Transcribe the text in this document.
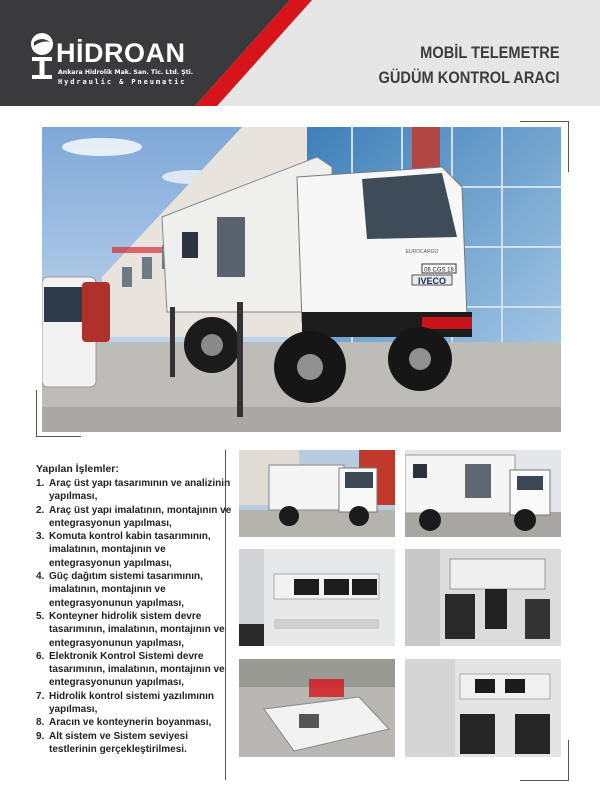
HİDROAN
Ankara Hidrolik Mak. San. Tic. Ltd. Şti.
Hydraulic & Pneumatic
MOBİL TELEMETRE
GÜDÜM KONTROL ARACI
IVECO
06 CGS 18
EUROCARGO
Yapılan İşlemler:
1. Araç üst yapı tasarımının ve analizinin yapılması,
2. Araç üst yapı imalatının, montajının ve entegrasyonun yapılması,
3. Komuta kontrol kabin tasarımının, imalatının, montajının ve entegrasyonun yapılması,
4. Güç dağıtım sistemi tasarımının, imalatının, montajının ve entegrasyonunun yapılması,
5. Konteyner hidrolik sistem devre tasarımının, imalatının, montajının ve entegrasyonunun yapılması,
6. Elektronik Kontrol Sistemi devre tasarımının, imalatının, montajının ve entegrasyonunun yapılması,
7. Hidrolik kontrol sistemi yazılımının yapılması,
8. Aracın ve konteynerin boyanması,
9. Alt sistem ve Sistem seviyesi testlerinin gerçekleştirilmesi.
